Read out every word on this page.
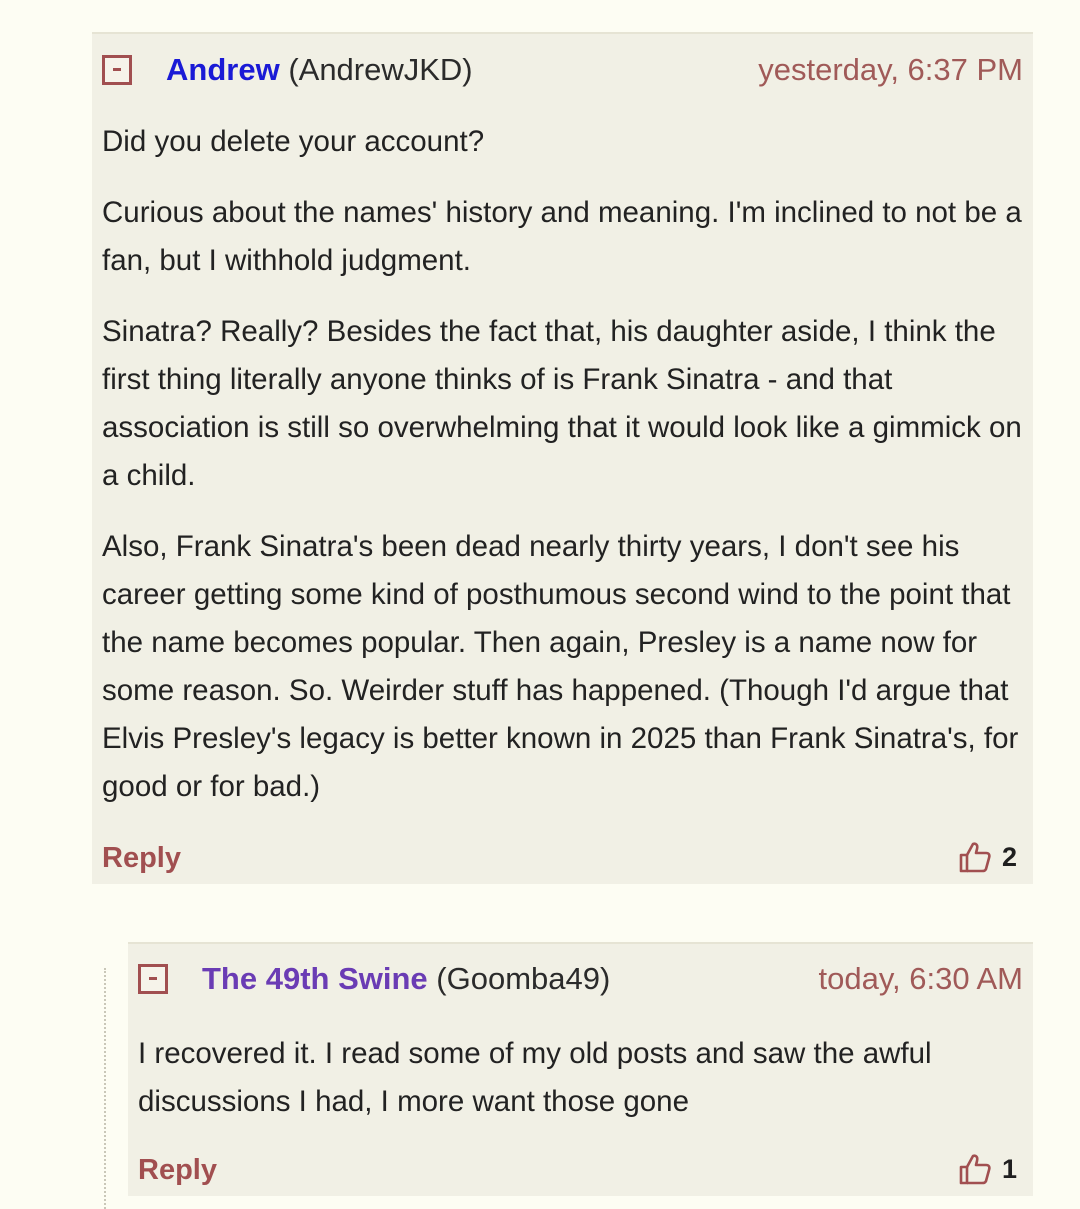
Andrew (AndrewJKD)	yesterday, 6:37 PM

Did you delete your account?

Curious about the names' history and meaning. I'm inclined to not be a fan, but I withhold judgment.

Sinatra? Really? Besides the fact that, his daughter aside, I think the first thing literally anyone thinks of is Frank Sinatra - and that association is still so overwhelming that it would look like a gimmick on a child.

Also, Frank Sinatra's been dead nearly thirty years, I don't see his career getting some kind of posthumous second wind to the point that the name becomes popular. Then again, Presley is a name now for some reason. So. Weirder stuff has happened. (Though I'd argue that Elvis Presley's legacy is better known in 2025 than Frank Sinatra's, for good or for bad.)

Reply	2
The 49th Swine (Goomba49)	today, 6:30 AM

I recovered it. I read some of my old posts and saw the awful discussions I had, I more want those gone

Reply	1
